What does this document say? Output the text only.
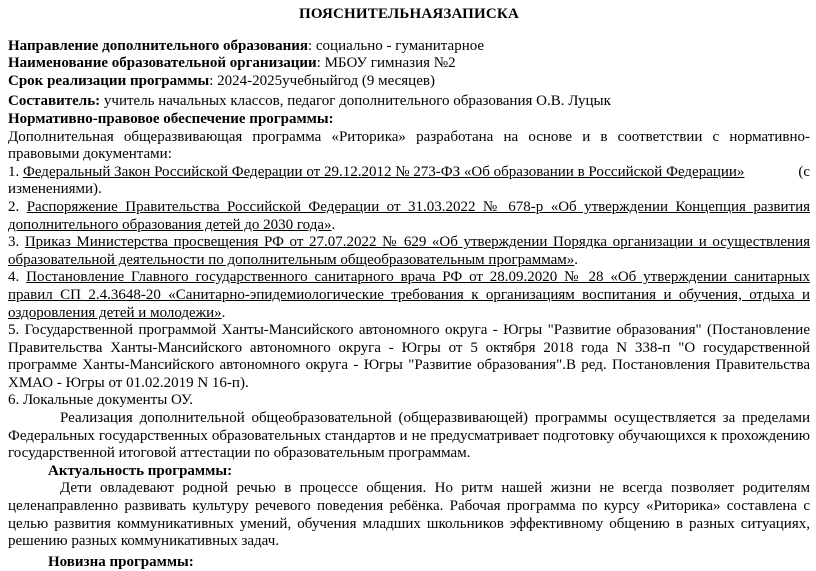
ПОЯСНИТЕЛЬНАЯЗАПИСКА

Направление дополнительного образования: социально - гуманитарное

Наименование образовательной организации: МБОУ гимназия №2

Срок реализации программы: 2024-2025учебныйгод (9 месяцев)

Составитель: учитель начальных классов, педагог дополнительного образования О.В. Луцык

Нормативно-правовое обеспечение программы:

Дополнительная общеразвивающая программа «Риторика» разработана на основе и в соответствии с нормативно-правовыми документами:

1. Федеральный Закон Российской Федерации от 29.12.2012 № 273-ФЗ «Об образовании в Российской Федерации»	(с
изменениями).

2. Распоряжение Правительства Российской Федерации от 31.03.2022 № 678-р «Об утверждении Концепция развития дополнительного образования детей до 2030 года».

3. Приказ Министерства просвещения РФ от 27.07.2022 № 629 «Об утверждении Порядка организации и осуществления образовательной деятельности по дополнительным общеобразовательным программам».

4. Постановление Главного государственного санитарного врача РФ от 28.09.2020 № 28 «Об утверждении санитарных правил СП 2.4.3648-20 «Санитарно-эпидемиологические требования к организациям воспитания и обучения, отдыха и оздоровления детей и молодежи».

5. Государственной программой Ханты-Мансийского автономного округа - Югры "Развитие образования" (Постановление Правительства Ханты-Мансийского автономного округа - Югры от 5 октября 2018 года N 338-п "О государственной программе Ханты-Мансийского автономного округа - Югры "Развитие образования".В ред. Постановления Правительства ХМАО - Югры от 01.02.2019 N 16-п).

6. Локальные документы ОУ.

Реализация дополнительной общеобразовательной (общеразвивающей) программы осуществляется за пределами Федеральных государственных образовательных стандартов и не предусматривает подготовку обучающихся к прохождению государственной итоговой аттестации по образовательным программам.

Актуальность программы:

Дети овладевают родной речью в процессе общения. Но ритм нашей жизни не всегда позволяет родителям целенаправленно развивать культуру речевого поведения ребёнка. Рабочая программа по курсу «Риторика» составлена с целью развития коммуникативных умений, обучения младших школьников эффективному общению в разных ситуациях, решению разных коммуникативных задач.

Новизна программы:
